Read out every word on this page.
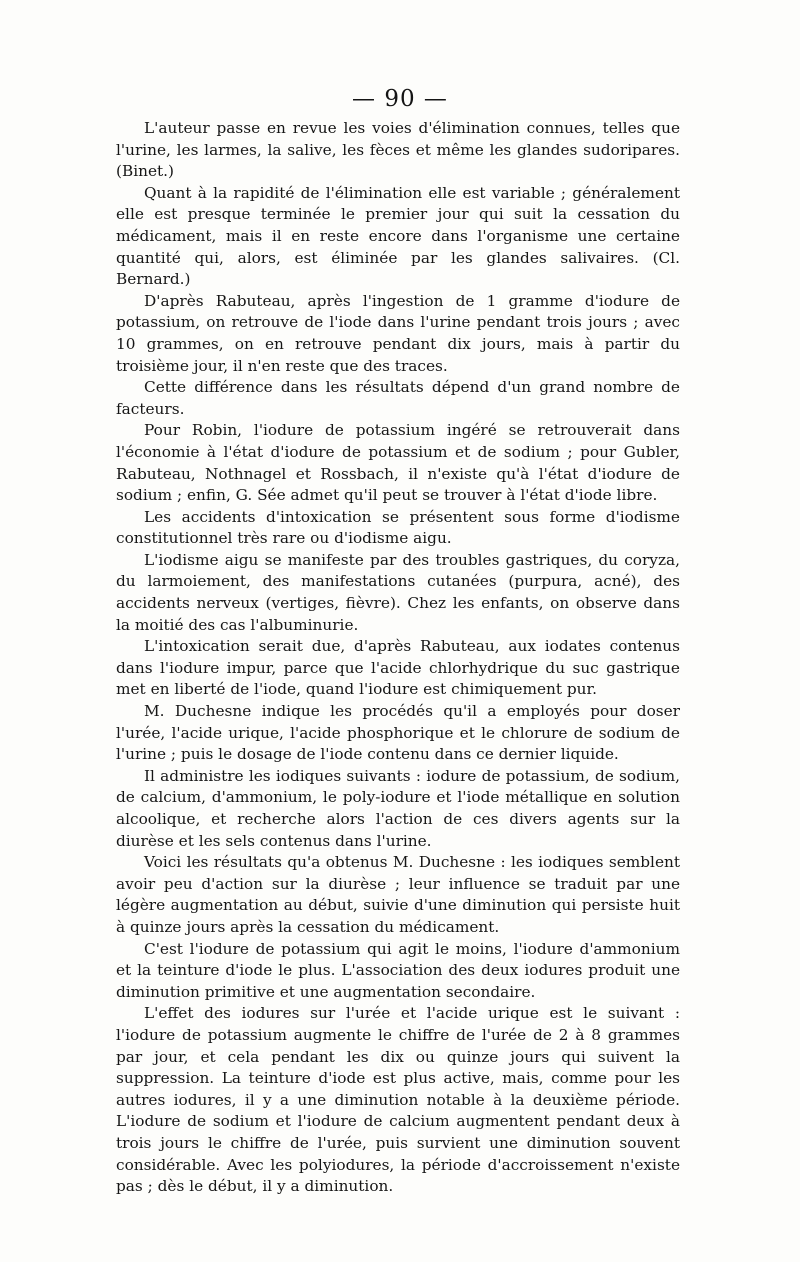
— 90 —

L'auteur passe en revue les voies d'élimination connues, telles que l'urine, les larmes, la salive, les fèces et même les glandes sudoripares. (Binet.)

Quant à la rapidité de l'élimination elle est variable ; généralement elle est presque terminée le premier jour qui suit la cessation du médicament, mais il en reste encore dans l'organisme une certaine quantité qui, alors, est éliminée par les glandes salivaires. (Cl. Bernard.)

D'après Rabuteau, après l'ingestion de 1 gramme d'iodure de potassium, on retrouve de l'iode dans l'urine pendant trois jours ; avec 10 grammes, on en retrouve pendant dix jours, mais à partir du troisième jour, il n'en reste que des traces.

Cette différence dans les résultats dépend d'un grand nombre de facteurs.

Pour Robin, l'iodure de potassium ingéré se retrouverait dans l'économie à l'état d'iodure de potassium et de sodium ; pour Gubler, Rabuteau, Nothnagel et Rossbach, il n'existe qu'à l'état d'iodure de sodium ; enfin, G. Sée admet qu'il peut se trouver à l'état d'iode libre.

Les accidents d'intoxication se présentent sous forme d'iodisme constitutionnel très rare ou d'iodisme aigu.

L'iodisme aigu se manifeste par des troubles gastriques, du coryza, du larmoiement, des manifestations cutanées (purpura, acné), des accidents nerveux (vertiges, fièvre). Chez les enfants, on observe dans la moitié des cas l'albuminurie.

L'intoxication serait due, d'après Rabuteau, aux iodates contenus dans l'iodure impur, parce que l'acide chlorhydrique du suc gastrique met en liberté de l'iode, quand l'iodure est chimiquement pur.

M. Duchesne indique les procédés qu'il a employés pour doser l'urée, l'acide urique, l'acide phosphorique et le chlorure de sodium de l'urine ; puis le dosage de l'iode contenu dans ce dernier liquide.

Il administre les iodiques suivants : iodure de potassium, de sodium, de calcium, d'ammonium, le poly-iodure et l'iode métallique en solution alcoolique, et recherche alors l'action de ces divers agents sur la diurèse et les sels contenus dans l'urine.

Voici les résultats qu'a obtenus M. Duchesne : les iodiques semblent avoir peu d'action sur la diurèse ; leur influence se traduit par une légère augmentation au début, suivie d'une diminution qui persiste huit à quinze jours après la cessation du médicament.

C'est l'iodure de potassium qui agit le moins, l'iodure d'ammonium et la teinture d'iode le plus. L'association des deux iodures produit une diminution primitive et une augmentation secondaire.

L'effet des iodures sur l'urée et l'acide urique est le suivant : l'iodure de potassium augmente le chiffre de l'urée de 2 à 8 grammes par jour, et cela pendant les dix ou quinze jours qui suivent la suppression. La teinture d'iode est plus active, mais, comme pour les autres iodures, il y a une diminution notable à la deuxième période. L'iodure de sodium et l'iodure de calcium augmentent pendant deux à trois jours le chiffre de l'urée, puis survient une diminution souvent considérable. Avec les polyiodures, la période d'accroissement n'existe pas ; dès le début, il y a diminution.
